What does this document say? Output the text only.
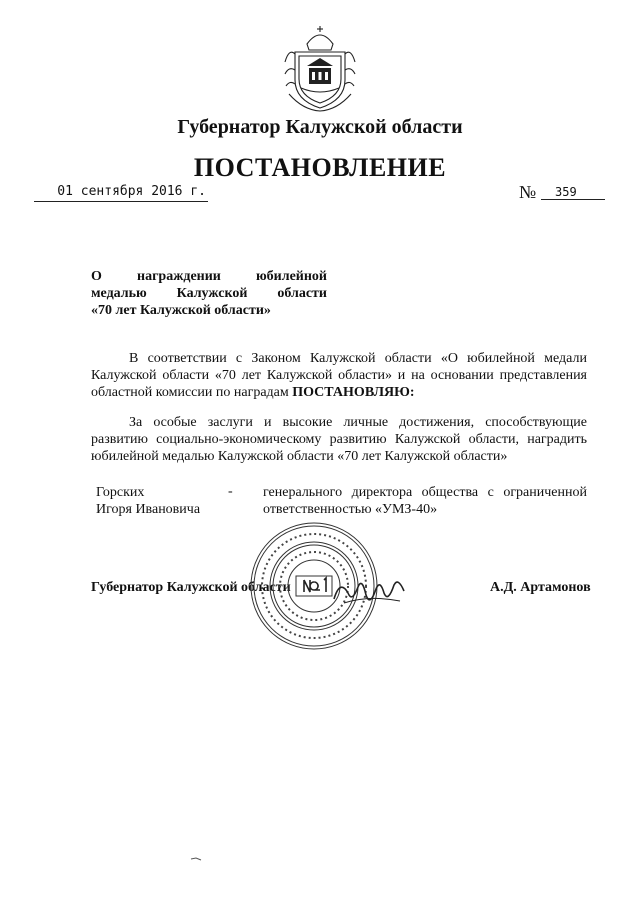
Губернатор Калужской области
ПОСТАНОВЛЕНИЕ
01 сентября 2016 г.	№	359
О награждении юбилейной
медалью Калужской области
«70 лет Калужской области»

В соответствии с Законом Калужской области «О юбилейной медали Калужской области «70 лет Калужской области» и на основании представления областной комиссии по наградам ПОСТАНОВЛЯЮ:

За особые заслуги и высокие личные достижения, способствующие развитию социально-экономическому развитию Калужской области, наградить юбилейной медалью Калужской области «70 лет Калужской области»

Горских
Игоря Ивановича
- генерального директора общества с ограниченной
ответственностью «УМЗ-40»
Губернатор Калужской области	А.Д. Артамонов
